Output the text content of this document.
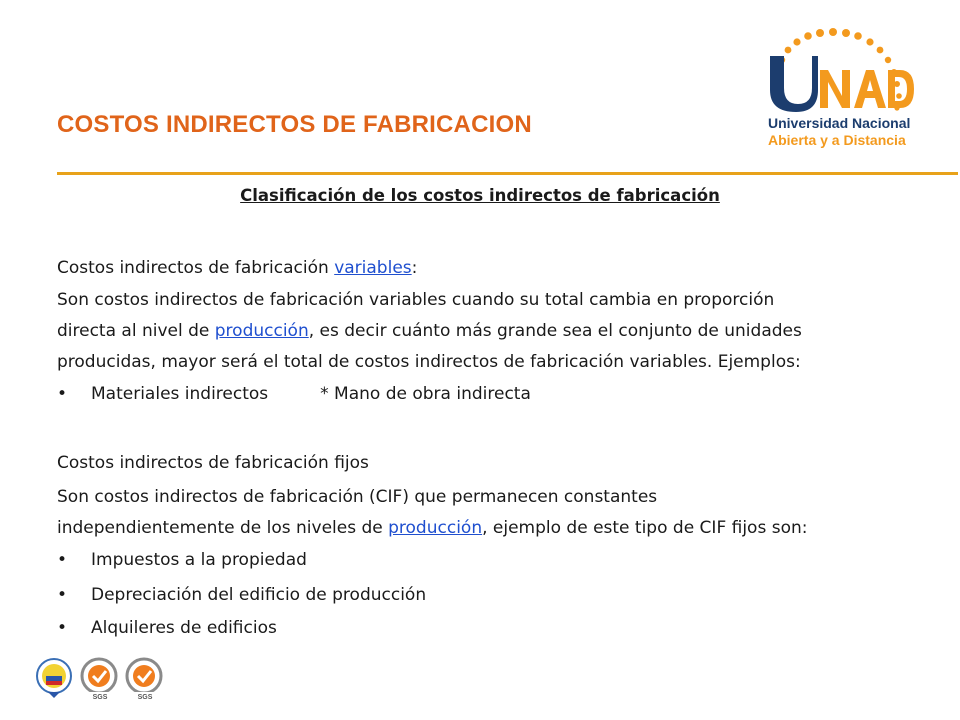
COSTOS INDIRECTOS DE FABRICACION	Universidad Nacional
Abierta y a Distancia
Clasificación de los costos indirectos de fabricación
Costos indirectos de fabricación variables:
Son costos indirectos de fabricación variables cuando su total cambia en proporción
directa al nivel de producción, es decir cuánto más grande sea el conjunto de unidades
producidas, mayor será el total de costos indirectos de fabricación variables. Ejemplos:
• Materiales indirectos	* Mano de obra indirecta
Costos indirectos de fabricación fijos
Son costos indirectos de fabricación (CIF) que permanecen constantes
independientemente de los niveles de producción, ejemplo de este tipo de CIF fijos son:
• Impuestos a la propiedad
• Depreciación del edificio de producción
• Alquileres de edificios
SGS	SGS
